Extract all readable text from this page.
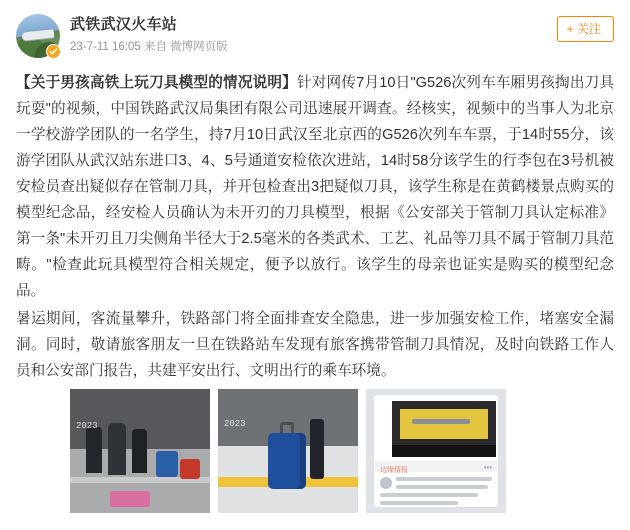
武铁武汉火车站
23-7-11 16:05 来自 微博网页版
+ 关注

【关于男孩高铁上玩刀具模型的情况说明】针对网传7月10日"G526次列车车厢男孩掏出刀具玩耍"的视频，中国铁路武汉局集团有限公司迅速展开调查。经核实，视频中的当事人为北京一学校游学团队的一名学生，持7月10日武汉至北京西的G526次列车车票，于14时55分，该游学团队从武汉站东进口3、4、5号通道安检依次进站，14时58分该学生的行李包在3号机被安检员查出疑似存在管制刀具，并开包检查出3把疑似刀具，该学生称是在黄鹤楼景点购买的模型纪念品，经安检人员确认为未开刃的刀具模型，根据《公安部关于管制刀具认定标准》第一条"未开刃且刀尖侧角半径大于2.5毫米的各类武术、工艺、礼品等刀具不属于管制刀具范畴。"检查此玩具模型符合相关规定，便予以放行。该学生的母亲也证实是购买的模型纪念品。

暑运期间，客流量攀升，铁路部门将全面排查安全隐患，进一步加强安检工作，堵塞安全漏洞。同时，敬请旅客朋友一旦在铁路站车发现有旅客携带管制刀具情况，及时向铁路工作人员和公安部门报告，共建平安出行、文明出行的乘车环境。

2023	2023
•••
边缘情报
